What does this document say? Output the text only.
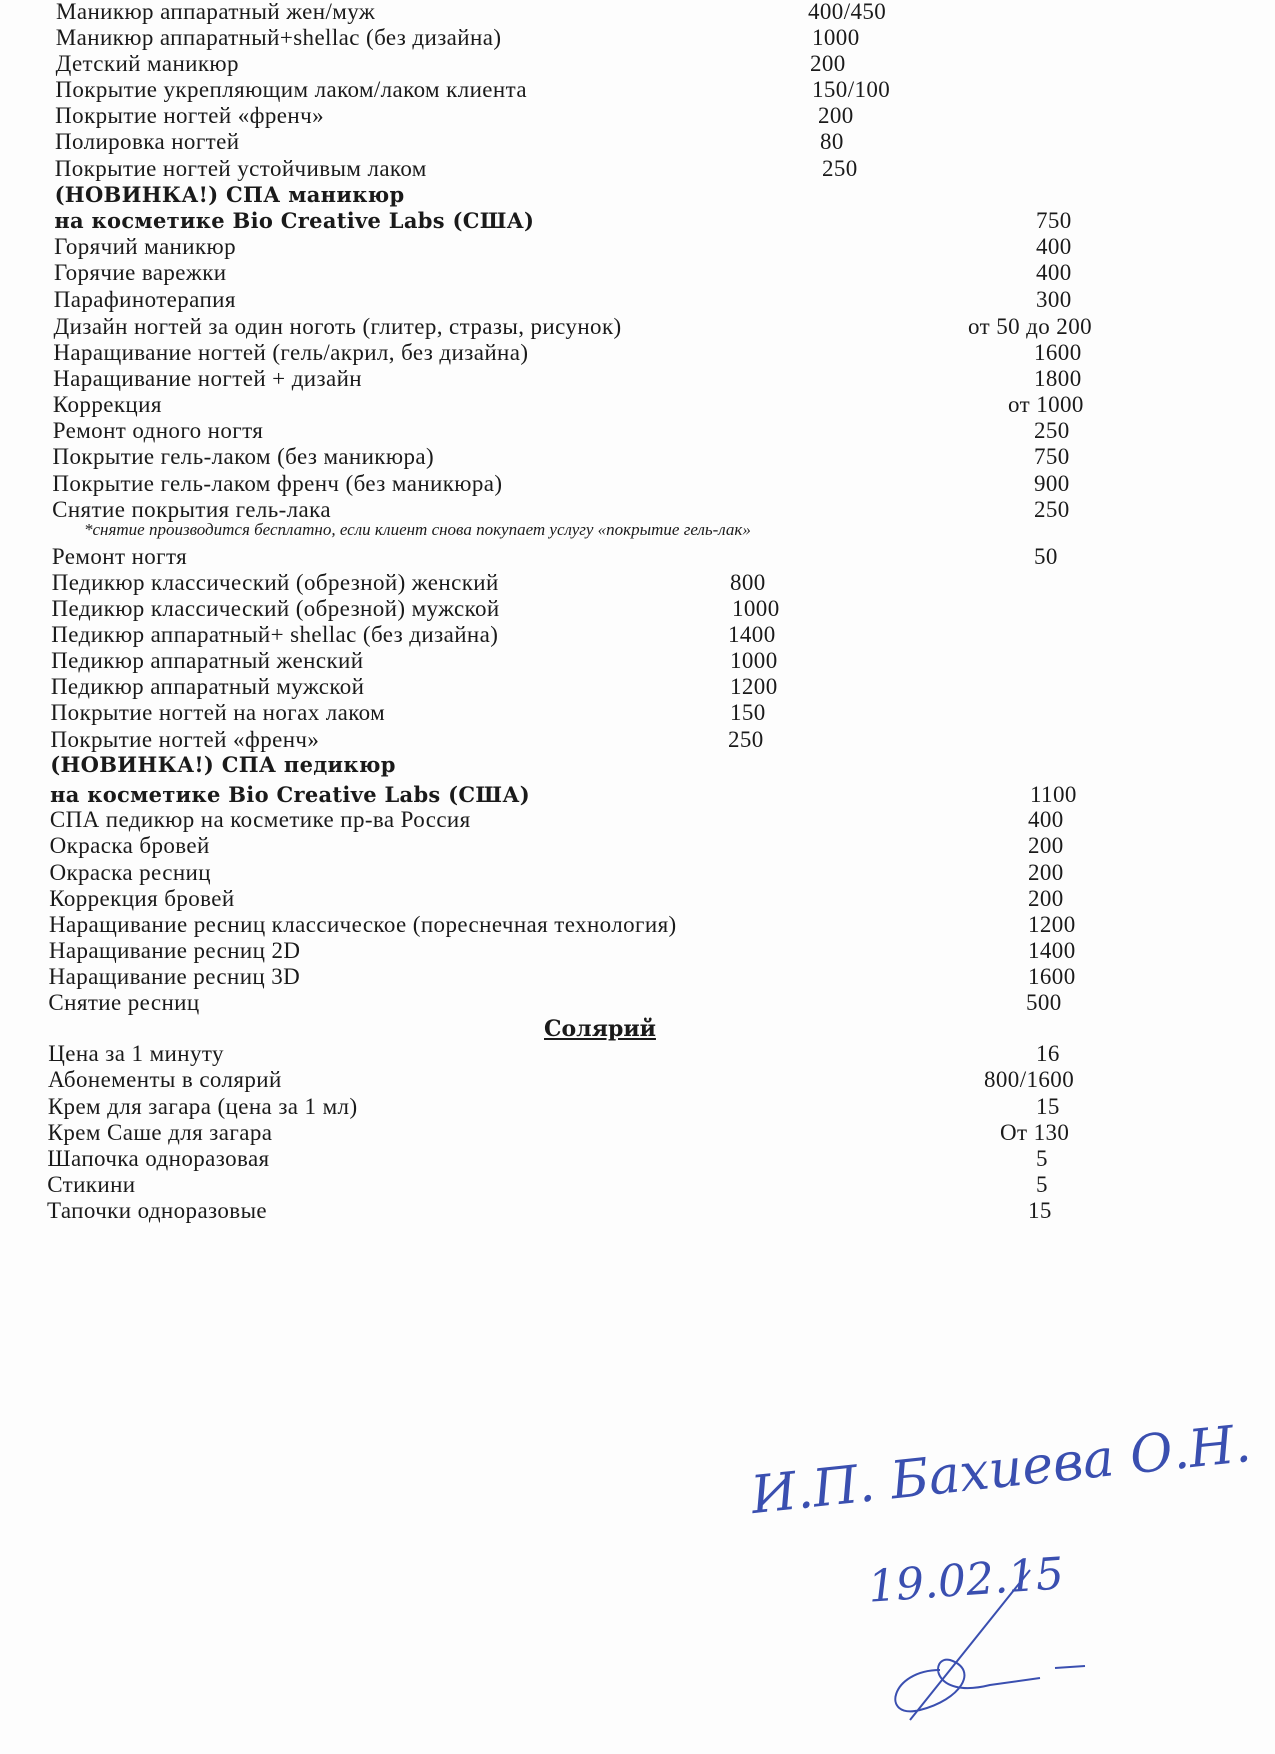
Маникюр аппаратный жен/муж	400/450
Маникюр аппаратный+shellac (без дизайна)	1000
Детский маникюр	200
Покрытие укрепляющим лаком/лаком клиента	150/100
Покрытие ногтей «френч»	200
Полировка ногтей	80
Покрытие ногтей устойчивым лаком	250
(НОВИНКА!) СПА маникюр
на косметике Bio Creative Labs (США)	750
Горячий маникюр	400
Горячие варежки	400
Парафинотерапия	300
Дизайн ногтей за один ноготь (глитер, стразы, рисунок)	от 50 до 200
Наращивание ногтей (гель/акрил, без дизайна)	1600
Наращивание ногтей + дизайн	1800
Коррекция	от 1000
Ремонт одного ногтя	250
Покрытие гель-лаком (без маникюра)	750
Покрытие гель-лаком френч (без маникюра)	900
Снятие покрытия гель-лака	250
Ремонт ногтя	50
Педикюр классический (обрезной) женский	800
Педикюр классический (обрезной) мужской	1000
Педикюр аппаратный+ shellac (без дизайна)	1400
Педикюр аппаратный женский	1000
Педикюр аппаратный мужской	1200
Покрытие ногтей на ногах лаком	150
Покрытие ногтей «френч»	250
(НОВИНКА!) СПА педикюр
на косметике Bio Creative Labs (США)	1100
СПА педикюр на косметике пр-ва Россия	400
Окраска бровей	200
Окраска ресниц	200
Коррекция бровей	200
Наращивание ресниц классическое (пореснечная технология)	1200
Наращивание ресниц 2D	1400
Наращивание ресниц 3D	1600
Снятие ресниц	500
Цена за 1 минуту	16
Абонементы в солярий	800/1600
Крем для загара (цена за 1 мл)	15
Крем Саше для загара	От 130
Шапочка одноразовая	5
Стикини	5
Тапочки одноразовые	15
*снятие производится бесплатно, если клиент снова покупает услугу «покрытие гель-лак»
Солярий
И.П. Бахиева О.Н.
19.02.15
